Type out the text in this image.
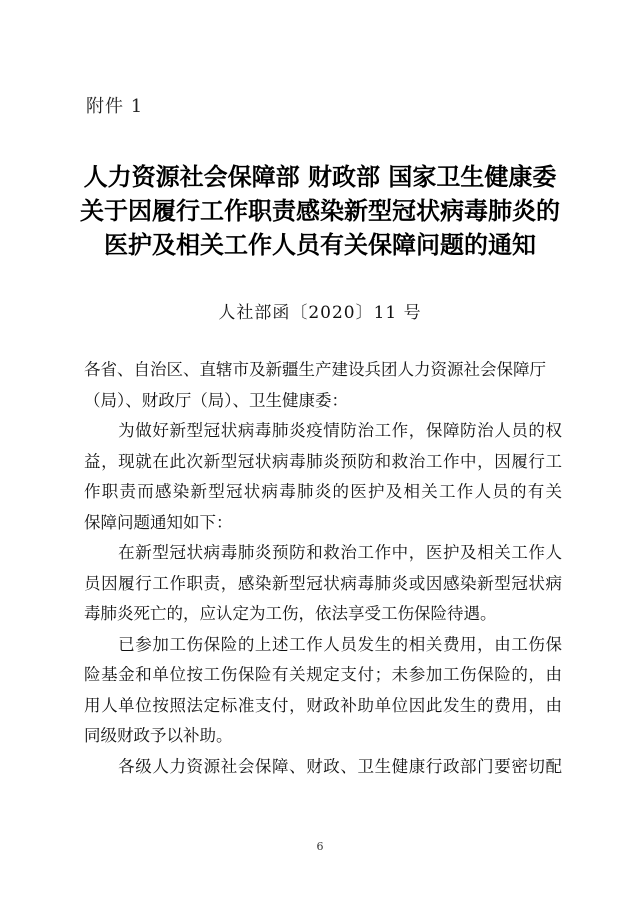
附件 1
人力资源社会保障部 财政部 国家卫生健康委
关于因履行工作职责感染新型冠状病毒肺炎的
医护及相关工作人员有关保障问题的通知
人社部函〔2020〕11 号
各省、自治区、直辖市及新疆生产建设兵团人力资源社会保障厅
（局）、财政厅（局）、卫生健康委：
　　为做好新型冠状病毒肺炎疫情防治工作，保障防治人员的权
益，现就在此次新型冠状病毒肺炎预防和救治工作中，因履行工
作职责而感染新型冠状病毒肺炎的医护及相关工作人员的有关
保障问题通知如下：
　　在新型冠状病毒肺炎预防和救治工作中，医护及相关工作人
员因履行工作职责，感染新型冠状病毒肺炎或因感染新型冠状病
毒肺炎死亡的，应认定为工伤，依法享受工伤保险待遇。
　　已参加工伤保险的上述工作人员发生的相关费用，由工伤保
险基金和单位按工伤保险有关规定支付；未参加工伤保险的，由
用人单位按照法定标准支付，财政补助单位因此发生的费用，由
同级财政予以补助。
　　各级人力资源社会保障、财政、卫生健康行政部门要密切配
6
